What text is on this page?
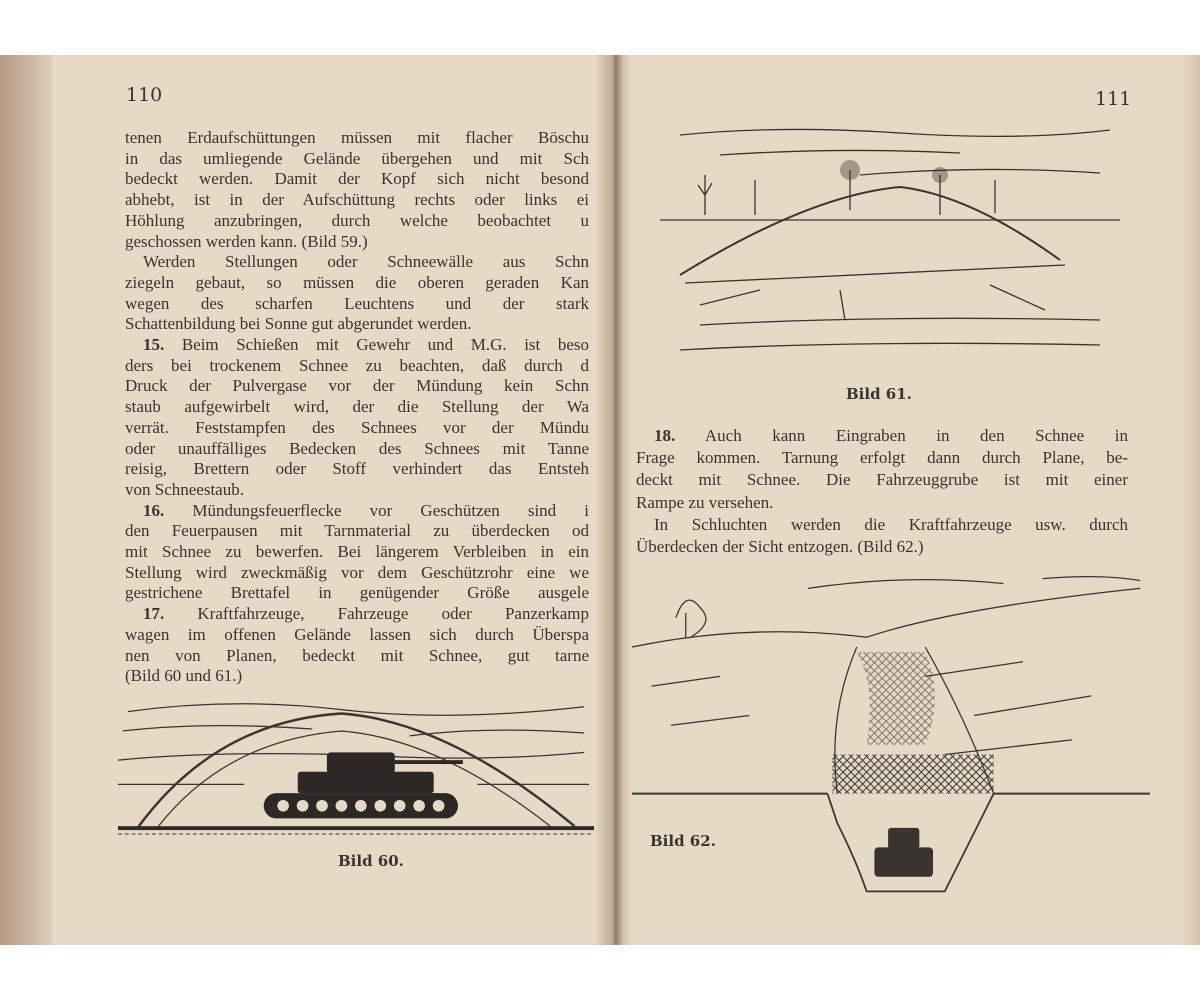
110
tenen Erdaufschüttungen müssen mit flacher Böschu
in das umliegende Gelände übergehen und mit Sch
bedeckt werden. Damit der Kopf sich nicht besond
abhebt, ist in der Aufschüttung rechts oder links ei
Höhlung anzubringen, durch welche beobachtet u
geschossen werden kann. (Bild 59.)
Werden Stellungen oder Schneewälle aus Schn
ziegeln gebaut, so müssen die oberen geraden Kan
wegen des scharfen Leuchtens und der stark
Schattenbildung bei Sonne gut abgerundet werden.
15. Beim Schießen mit Gewehr und M.G. ist beso
ders bei trockenem Schnee zu beachten, daß durch d
Druck der Pulvergase vor der Mündung kein Schn
staub aufgewirbelt wird, der die Stellung der Wa
verrät. Feststampfen des Schnees vor der Mündu
oder unauffälliges Bedecken des Schnees mit Tanne
reisig, Brettern oder Stoff verhindert das Entsteh
von Schneestaub.
16. Mündungsfeuerflecke vor Geschützen sind i
den Feuerpausen mit Tarnmaterial zu überdecken od
mit Schnee zu bewerfen. Bei längerem Verbleiben in ein
Stellung wird zweckmäßig vor dem Geschützrohr eine we
gestrichene Brettafel in genügender Größe ausgele
17. Kraftfahrzeuge, Fahrzeuge oder Panzerkamp
wagen im offenen Gelände lassen sich durch Überspa
nen von Planen, bedeckt mit Schnee, gut tarne
(Bild 60 und 61.)
Bild 60.
111
Bild 61.
18. Auch kann Eingraben in den Schnee in
Frage kommen. Tarnung erfolgt dann durch Plane, be-
deckt mit Schnee. Die Fahrzeuggrube ist mit einer
Rampe zu versehen.
In Schluchten werden die Kraftfahrzeuge usw. durch
Überdecken der Sicht entzogen. (Bild 62.)
Bild 62.
